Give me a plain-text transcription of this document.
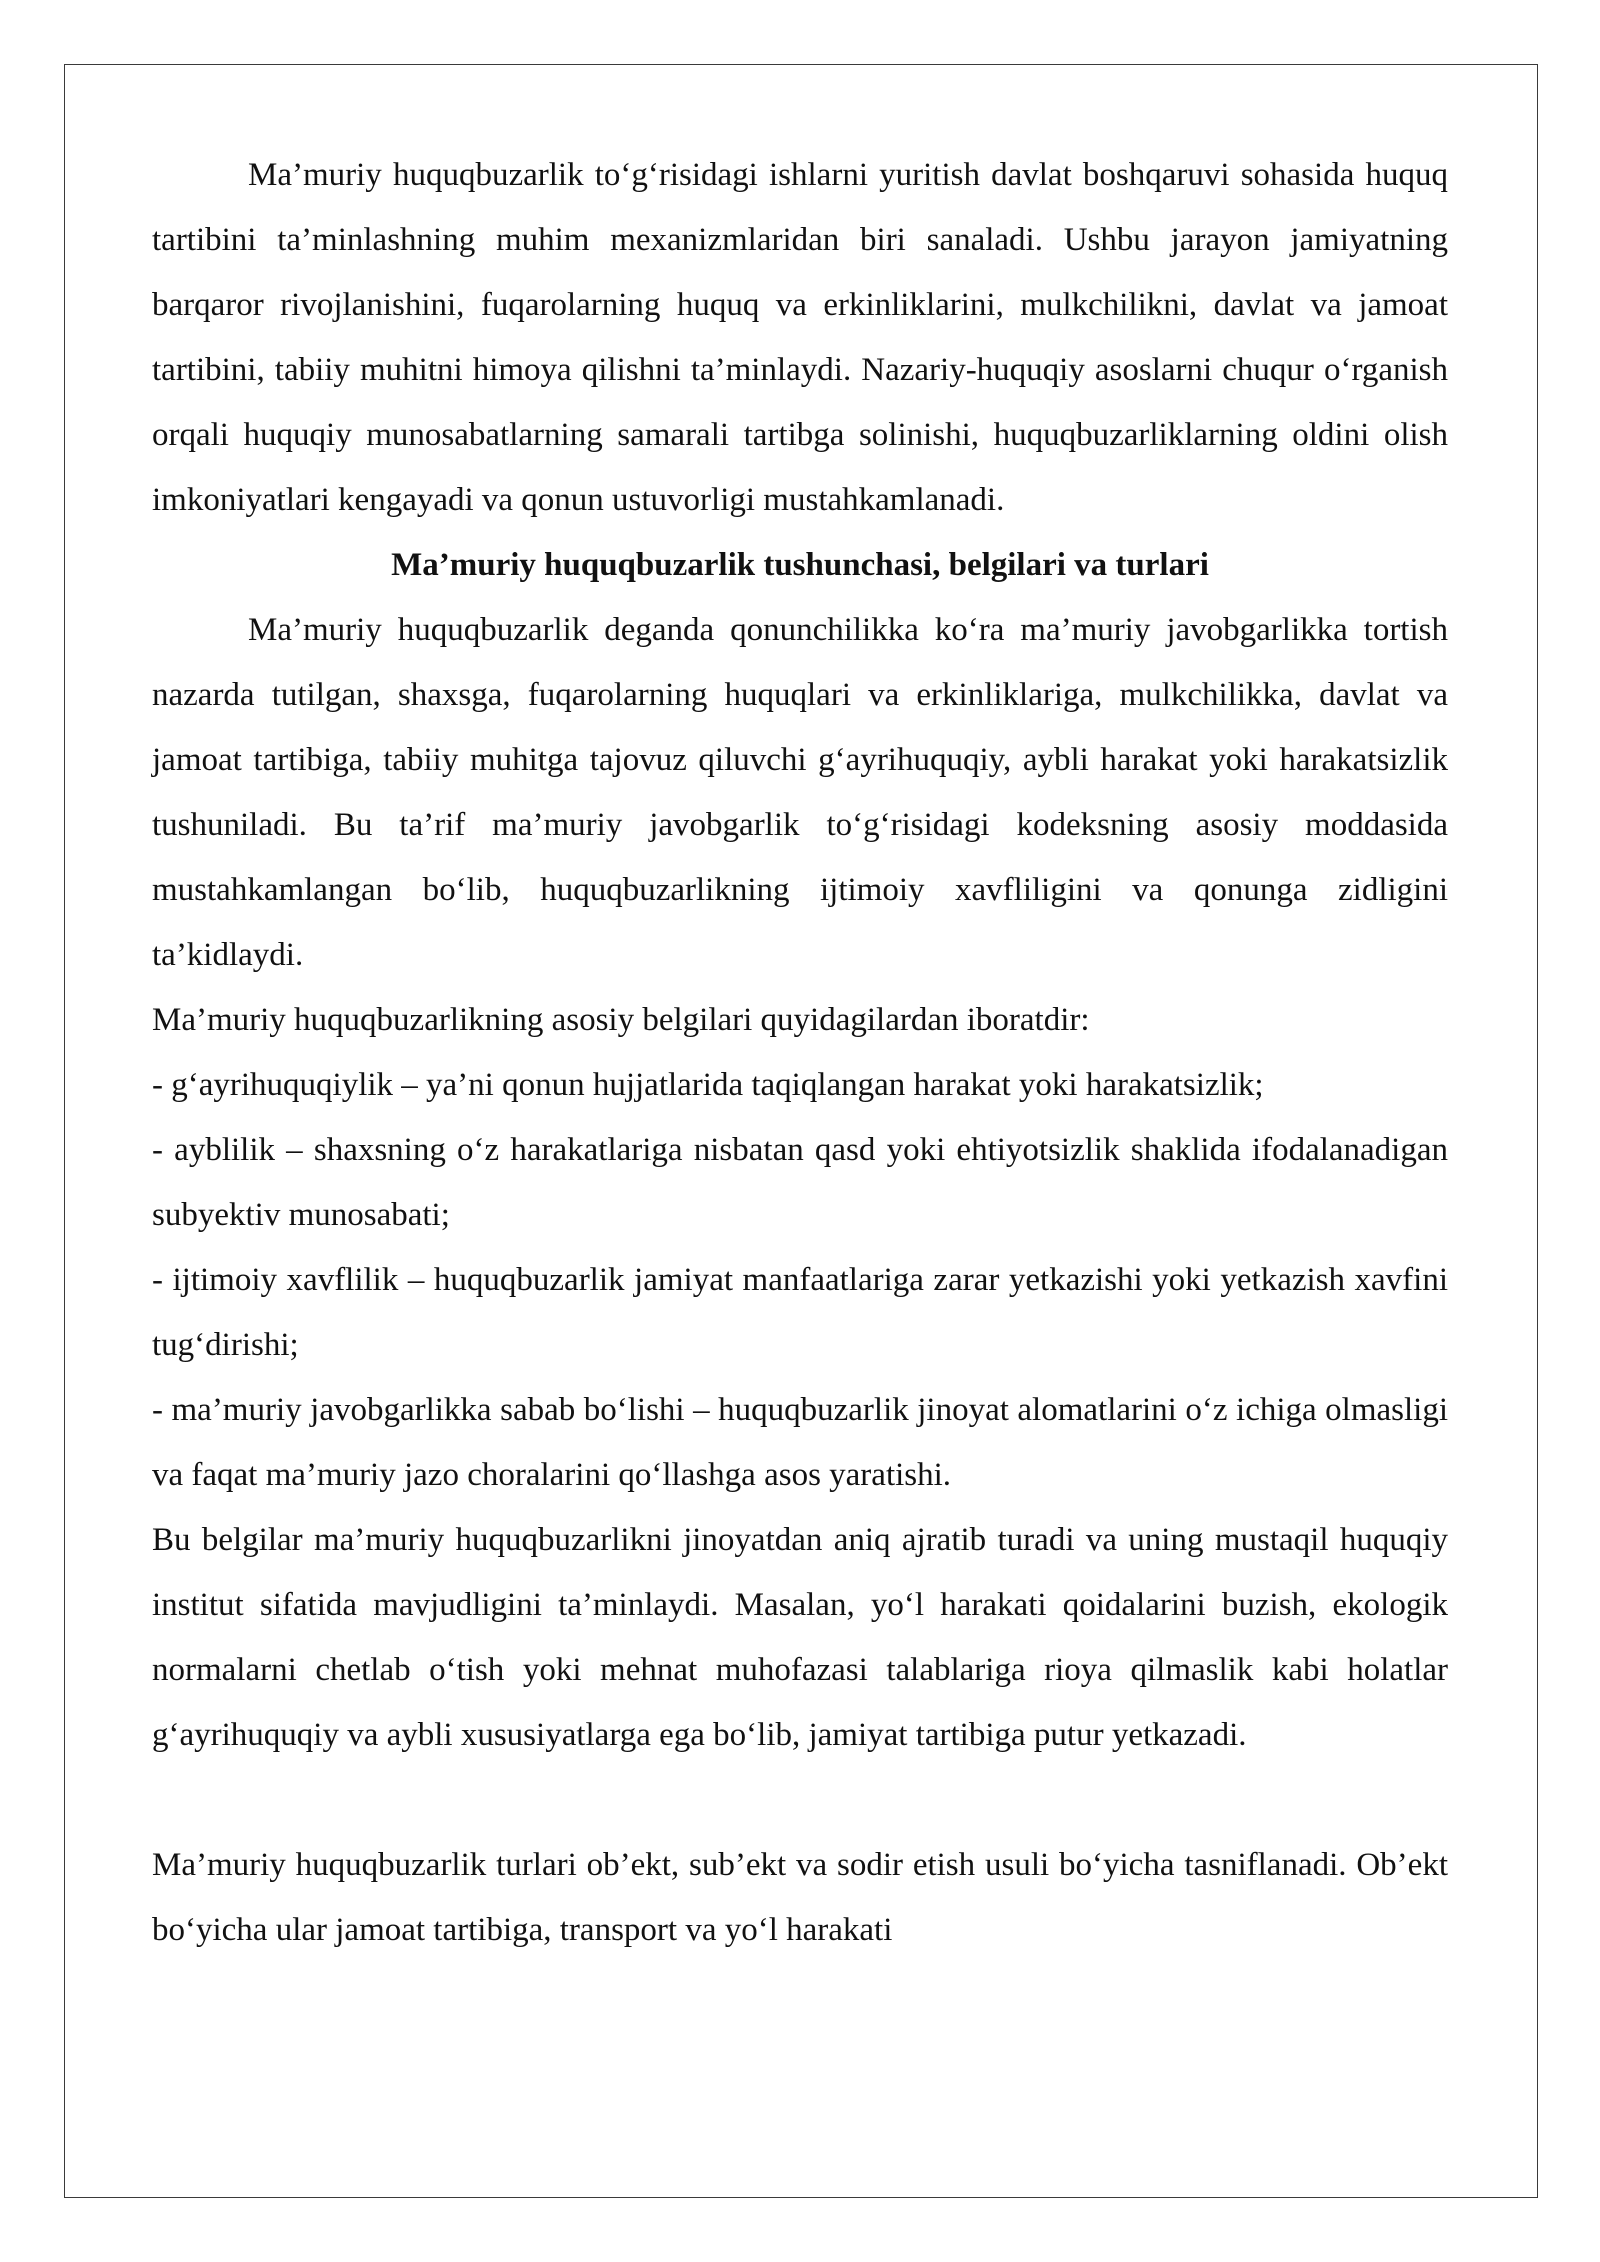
Ma’muriy huquqbuzarlik to‘g‘risidagi ishlarni yuritish davlat boshqaruvi sohasida huquq tartibini ta’minlashning muhim mexanizmlaridan biri sanaladi. Ushbu jarayon jamiyatning barqaror rivojlanishini, fuqarolarning huquq va erkinliklarini, mulkchilikni, davlat va jamoat tartibini, tabiiy muhitni himoya qilishni ta’minlaydi. Nazariy-huquqiy asoslarni chuqur o‘rganish orqali huquqiy munosabatlarning samarali tartibga solinishi, huquqbuzarliklarning oldini olish imkoniyatlari kengayadi va qonun ustuvorligi mustahkamlanadi.

Ma’muriy huquqbuzarlik tushunchasi, belgilari va turlari

Ma’muriy huquqbuzarlik deganda qonunchilikka ko‘ra ma’muriy javobgarlikka tortish nazarda tutilgan, shaxsga, fuqarolarning huquqlari va erkinliklariga, mulkchilikka, davlat va jamoat tartibiga, tabiiy muhitga tajovuz qiluvchi g‘ayrihuquqiy, aybli harakat yoki harakatsizlik tushuniladi. Bu ta’rif ma’muriy javobgarlik to‘g‘risidagi kodeksning asosiy moddasida mustahkamlangan bo‘lib, huquqbuzarlikning ijtimoiy xavfliligini va qonunga zidligini ta’kidlaydi.

Ma’muriy huquqbuzarlikning asosiy belgilari quyidagilardan iboratdir:

- g‘ayrihuquqiylik – ya’ni qonun hujjatlarida taqiqlangan harakat yoki harakatsizlik;

- ayblilik – shaxsning o‘z harakatlariga nisbatan qasd yoki ehtiyotsizlik shaklida ifodalanadigan subyektiv munosabati;

- ijtimoiy xavflilik – huquqbuzarlik jamiyat manfaatlariga zarar yetkazishi yoki yetkazish xavfini tug‘dirishi;

- ma’muriy javobgarlikka sabab bo‘lishi – huquqbuzarlik jinoyat alomatlarini o‘z ichiga olmasligi va faqat ma’muriy jazo choralarini qo‘llashga asos yaratishi.

Bu belgilar ma’muriy huquqbuzarlikni jinoyatdan aniq ajratib turadi va uning mustaqil huquqiy institut sifatida mavjudligini ta’minlaydi. Masalan, yo‘l harakati qoidalarini buzish, ekologik normalarni chetlab o‘tish yoki mehnat muhofazasi talablariga rioya qilmaslik kabi holatlar g‘ayrihuquqiy va aybli xususiyatlarga ega bo‘lib, jamiyat tartibiga putur yetkazadi.

Ma’muriy huquqbuzarlik turlari ob’ekt, sub’ekt va sodir etish usuli bo‘yicha tasniflanadi. Ob’ekt bo‘yicha ular jamoat tartibiga, transport va yo‘l harakati
